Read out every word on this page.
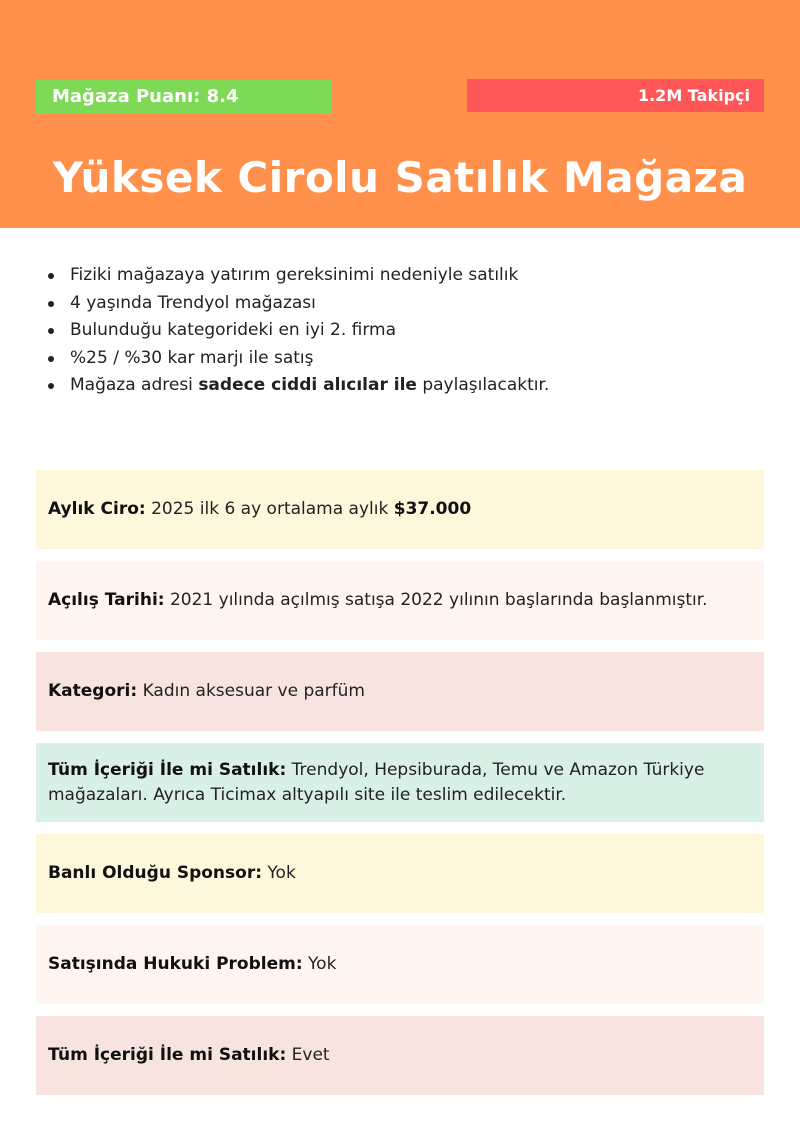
Mağaza Puanı: 8.4	1.2M Takipçi
Yüksek Cirolu Satılık Mağaza
Fiziki mağazaya yatırım gereksinimi nedeniyle satılık
4 yaşında Trendyol mağazası
Bulunduğu kategorideki en iyi 2. firma
%25 / %30 kar marjı ile satış
Mağaza adresi sadece ciddi alıcılar ile paylaşılacaktır.
Aylık Ciro: 2025 ilk 6 ay ortalama aylık $37.000
Açılış Tarihi: 2021 yılında açılmış satışa 2022 yılının başlarında başlanmıştır.
Kategori: Kadın aksesuar ve parfüm
Tüm İçeriği İle mi Satılık: Trendyol, Hepsiburada, Temu ve Amazon Türkiye mağazaları. Ayrıca Ticimax altyapılı site ile teslim edilecektir.
Banlı Olduğu Sponsor: Yok
Satışında Hukuki Problem: Yok
Tüm İçeriği İle mi Satılık: Evet
